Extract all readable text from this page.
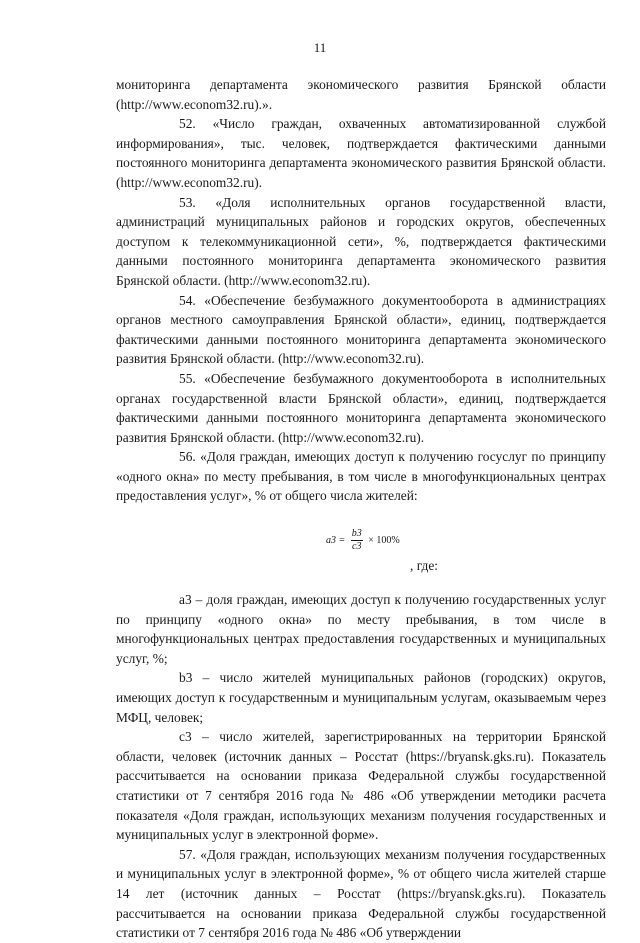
11

мониторинга департамента экономического развития Брянской области (http://www.econom32.ru).».

52. «Число граждан, охваченных автоматизированной службой информирования», тыс. человек, подтверждается фактическими данными постоянного мониторинга департамента экономического развития Брянской области. (http://www.econom32.ru).

53. «Доля исполнительных органов государственной власти, администраций муниципальных районов и городских округов, обеспеченных доступом к телекоммуникационной сети», %, подтверждается фактическими данными постоянного мониторинга департамента экономического развития Брянской области. (http://www.econom32.ru).

54. «Обеспечение безбумажного документооборота в администрациях органов местного самоуправления Брянской области», единиц, подтверждается фактическими данными постоянного мониторинга департамента экономического развития Брянской области. (http://www.econom32.ru).

55. «Обеспечение безбумажного документооборота в исполнительных органах государственной власти Брянской области», единиц, подтверждается фактическими данными постоянного мониторинга департамента экономического развития Брянской области. (http://www.econom32.ru).

56. «Доля граждан, имеющих доступ к получению госуслуг по принципу «одного окна» по месту пребывания, в том числе в многофункциональных центрах предоставления услуг», % от общего числа жителей:

$a3 = \frac{b3}{c3} \times 100\%$
, где:

a3 – доля граждан, имеющих доступ к получению государственных услуг по принципу «одного окна» по месту пребывания, в том числе в многофункциональных центрах предоставления государственных и муниципальных услуг, %;

b3 – число жителей муниципальных районов (городских) округов, имеющих доступ к государственным и муниципальным услугам, оказываемым через МФЦ, человек;

c3 – число жителей, зарегистрированных на территории Брянской области, человек (источник данных – Росстат (https://bryansk.gks.ru). Показатель рассчитывается на основании приказа Федеральной службы государственной статистики от 7 сентября 2016 года № 486 «Об утверждении методики расчета показателя «Доля граждан, использующих механизм получения государственных и муниципальных услуг в электронной форме».

57. «Доля граждан, использующих механизм получения государственных и муниципальных услуг в электронной форме», % от общего числа жителей старше 14 лет (источник данных – Росстат (https://bryansk.gks.ru). Показатель рассчитывается на основании приказа Федеральной службы государственной статистики от 7 сентября 2016 года № 486 «Об утверждении
